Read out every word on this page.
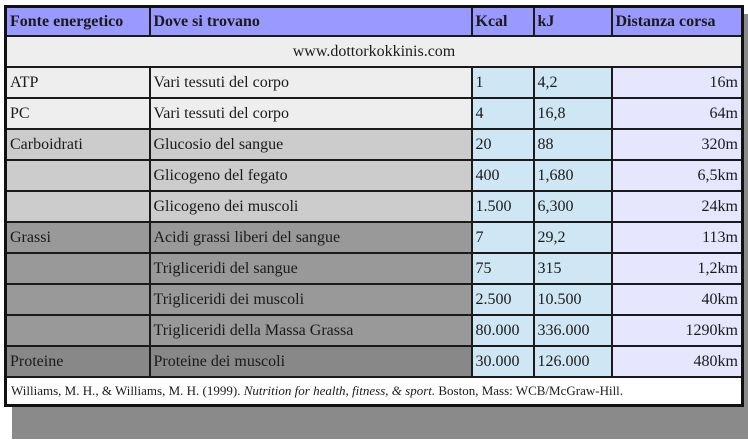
Fonte energetico	Dove si trovano	Kcal	kJ	Distanza corsa
www.dottorkokkinis.com				
ATP	Vari tessuti del corpo	1	4,2	16m
PC	Vari tessuti del corpo	4	16,8	64m
Carboidrati	Glucosio del sangue	20	88	320m
	Glicogeno del fegato	400	1,680	6,5km
	Glicogeno dei muscoli	1.500	6,300	24km
Grassi	Acidi grassi liberi del sangue	7	29,2	113m
	Trigliceridi del sangue	75	315	1,2km
	Trigliceridi dei muscoli	2.500	10.500	40km
	Trigliceridi della Massa Grassa	80.000	336.000	1290km
Proteine	Proteine dei muscoli	30.000	126.000	480km
Williams, M. H., & Williams, M. H. (1999). Nutrition for health, fitness, & sport. Boston, Mass: WCB/McGraw-Hill.				
